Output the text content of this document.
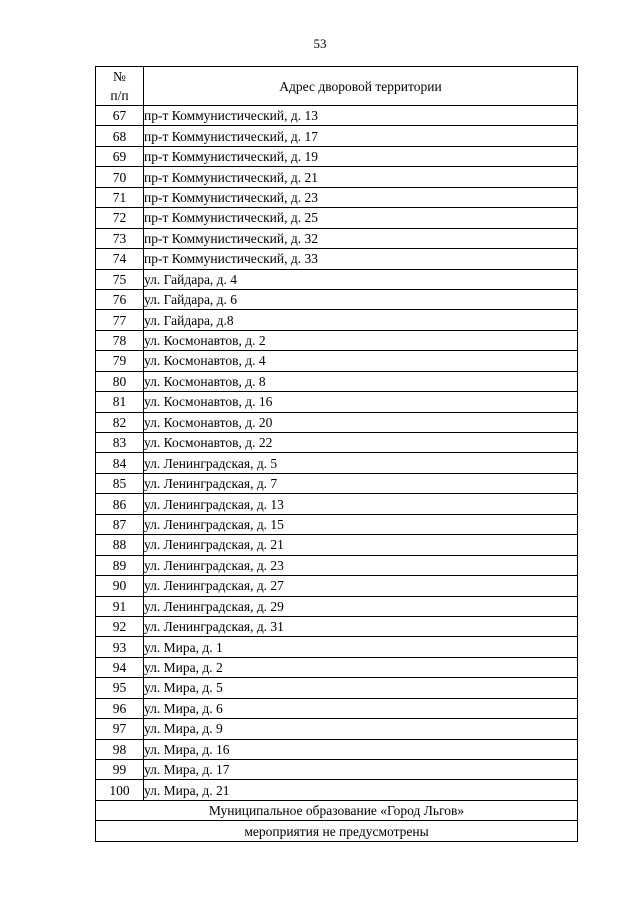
53
№
п/п	Адрес дворовой территории
67	пр-т Коммунистический, д. 13
68	пр-т Коммунистический, д. 17
69	пр-т Коммунистический, д. 19
70	пр-т Коммунистический, д. 21
71	пр-т Коммунистический, д. 23
72	пр-т Коммунистический, д. 25
73	пр-т Коммунистический, д. 32
74	пр-т Коммунистический, д. 33
75	ул. Гайдара, д. 4
76	ул. Гайдара, д. 6
77	ул. Гайдара, д.8
78	ул. Космонавтов, д. 2
79	ул. Космонавтов, д. 4
80	ул. Космонавтов, д. 8
81	ул. Космонавтов, д. 16
82	ул. Космонавтов, д. 20
83	ул. Космонавтов, д. 22
84	ул. Ленинградская, д. 5
85	ул. Ленинградская, д. 7
86	ул. Ленинградская, д. 13
87	ул. Ленинградская, д. 15
88	ул. Ленинградская, д. 21
89	ул. Ленинградская, д. 23
90	ул. Ленинградская, д. 27
91	ул. Ленинградская, д. 29
92	ул. Ленинградская, д. 31
93	ул. Мира, д. 1
94	ул. Мира, д. 2
95	ул. Мира, д. 5
96	ул. Мира, д. 6
97	ул. Мира, д. 9
98	ул. Мира, д. 16
99	ул. Мира, д. 17
100	ул. Мира, д. 21
Муниципальное образование «Город Льгов»	
мероприятия не предусмотрены	
